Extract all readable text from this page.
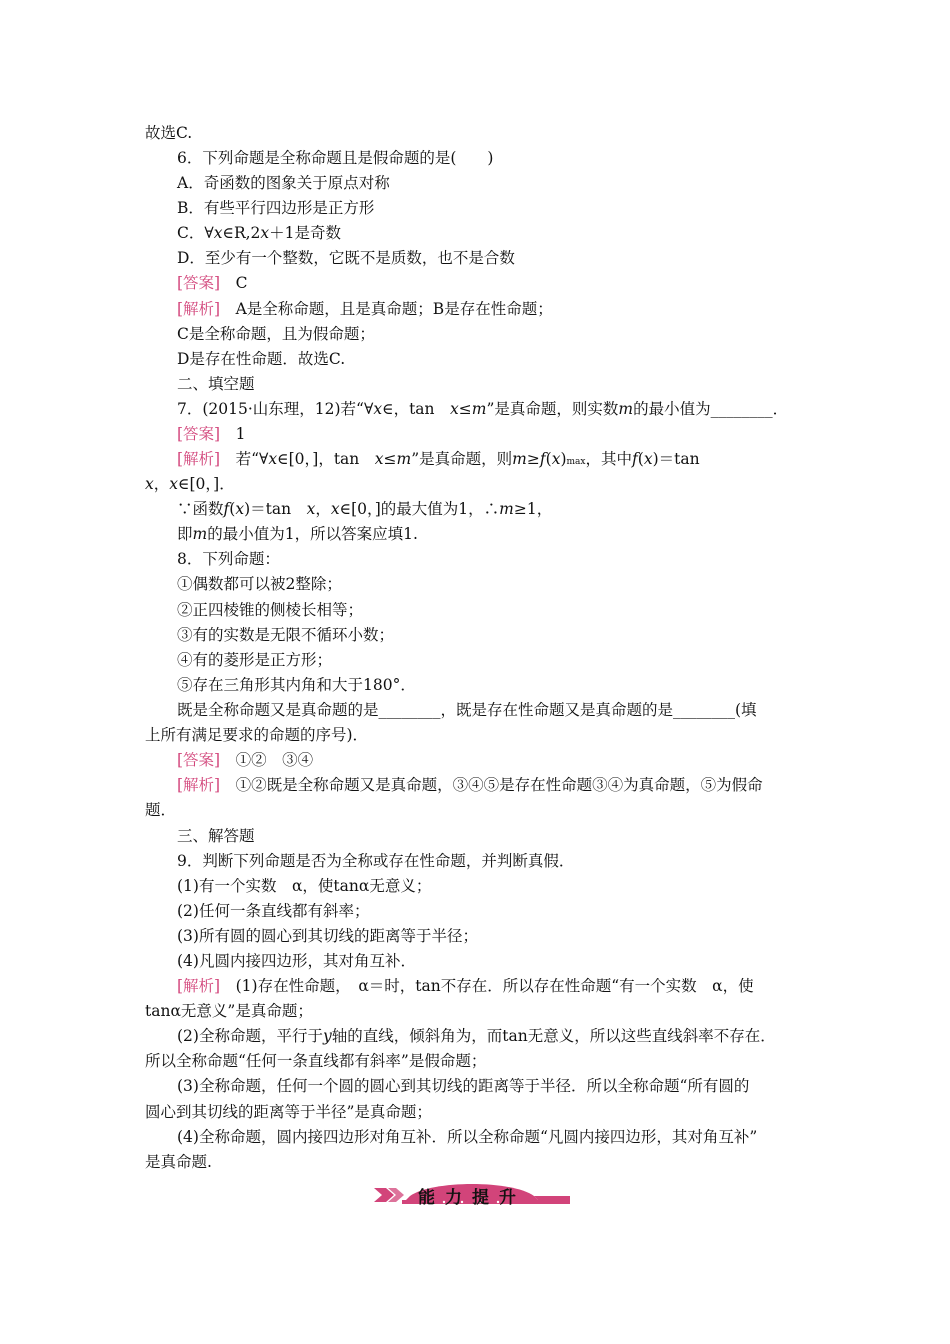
故选C.
6．下列命题是全称命题且是假命题的是(　　)
A．奇函数的图象关于原点对称
B．有些平行四边形是正方形
C．∀x∈R,2x＋1是奇数
D．至少有一个整数，它既不是质数，也不是合数
[答案]　C
[解析]　A是全称命题，且是真命题；B是存在性命题；
C是全称命题，且为假命题；
D是存在性命题．故选C.
二、填空题
7．(2015·山东理，12)若“∀x∈，tan　x≤m”是真命题，则实数m的最小值为________．
[答案]　1
[解析]　若“∀x∈[0，]，tan　x≤m”是真命题，则m≥f(x)max，其中f(x)＝tan
x，x∈[0，]．
∵函数f(x)＝tan　x，x∈[0，]的最大值为1，∴m≥1，
即m的最小值为1，所以答案应填1.
8．下列命题：
①偶数都可以被2整除；
②正四棱锥的侧棱长相等；
③有的实数是无限不循环小数；
④有的菱形是正方形；
⑤存在三角形其内角和大于180°．
既是全称命题又是真命题的是________，既是存在性命题又是真命题的是________(填
上所有满足要求的命题的序号)．
[答案]　①②　③④
[解析]　①②既是全称命题又是真命题，③④⑤是存在性命题③④为真命题，⑤为假命
题．
三、解答题
9．判断下列命题是否为全称或存在性命题，并判断真假．
(1)有一个实数　α，使tanα无意义；
(2)任何一条直线都有斜率；
(3)所有圆的圆心到其切线的距离等于半径；
(4)凡圆内接四边形，其对角互补．
[解析]　(1)存在性命题，　α＝时，tan不存在．所以存在性命题“有一个实数　α，使
tanα无意义”是真命题；
(2)全称命题，平行于y轴的直线，倾斜角为，而tan无意义，所以这些直线斜率不存在．
所以全称命题“任何一条直线都有斜率”是假命题；
(3)全称命题，任何一个圆的圆心到其切线的距离等于半径．所以全称命题“所有圆的
圆心到其切线的距离等于半径”是真命题；
(4)全称命题，圆内接四边形对角互补．所以全称命题“凡圆内接四边形，其对角互补”
是真命题.
能力提升
